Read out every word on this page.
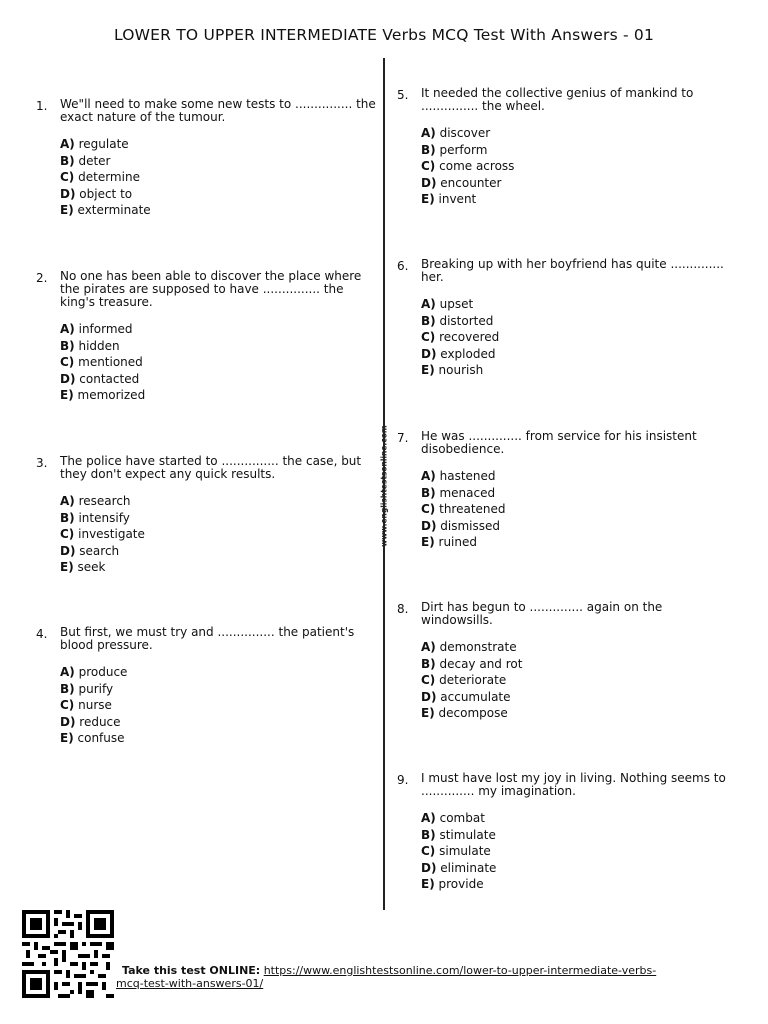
LOWER TO UPPER INTERMEDIATE Verbs MCQ Test With Answers - 01
www.englishtestsonline.com
1. We"ll need to make some new tests to ............... the exact nature of the tumour.
A) regulate
B) deter
C) determine
D) object to
E) exterminate
2. No one has been able to discover the place where the pirates are supposed to have ............... the king's treasure.
A) informed
B) hidden
C) mentioned
D) contacted
E) memorized
3. The police have started to ............... the case, but they don't expect any quick results.
A) research
B) intensify
C) investigate
D) search
E) seek
4. But first, we must try and ............... the patient's blood pressure.
A) produce
B) purify
C) nurse
D) reduce
E) confuse
5. It needed the collective genius of mankind to ............... the wheel.
A) discover
B) perform
C) come across
D) encounter
E) invent
6. Breaking up with her boyfriend has quite .............. her.
A) upset
B) distorted
C) recovered
D) exploded
E) nourish
7. He was .............. from service for his insistent disobedience.
A) hastened
B) menaced
C) threatened
D) dismissed
E) ruined
8. Dirt has begun to .............. again on the windowsills.
A) demonstrate
B) decay and rot
C) deteriorate
D) accumulate
E) decompose
9. I must have lost my joy in living. Nothing seems to .............. my imagination.
A) combat
B) stimulate
C) simulate
D) eliminate
E) provide
Take this test ONLINE: https://www.englishtestsonline.com/lower-to-upper-intermediate-verbs-mcq-test-with-answers-01/
